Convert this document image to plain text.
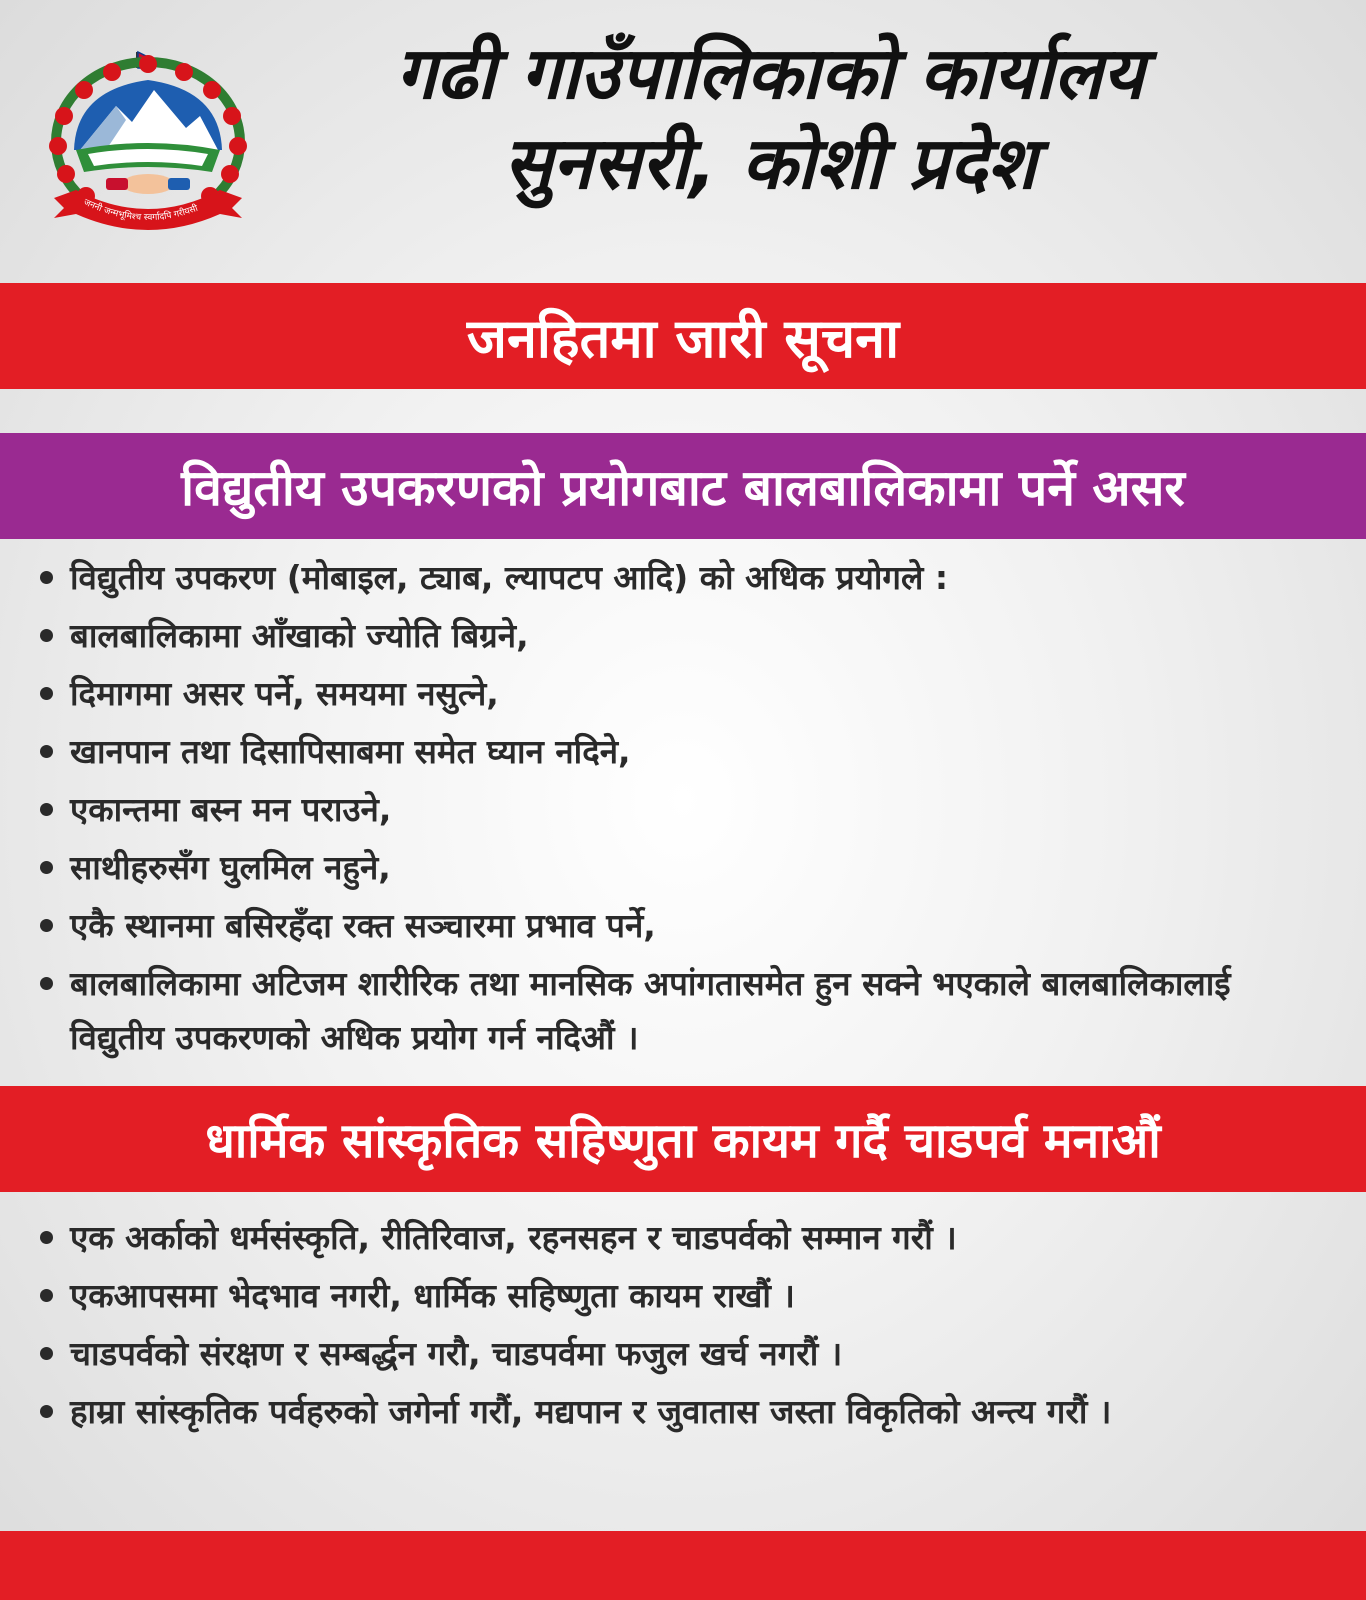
जननी जन्मभूमिश्च स्वर्गादपि गरीयसी
गढी गाउँपालिकाको कार्यालय
सुनसरी, कोशी प्रदेश
जनहितमा जारी सूचना
विद्युतीय उपकरणको प्रयोगबाट बालबालिकामा पर्ने असर
विद्युतीय उपकरण (मोबाइल, ट्याब, ल्यापटप आदि) को अधिक प्रयोगले :
बालबालिकामा आँखाको ज्योति बिग्रने,
दिमागमा असर पर्ने, समयमा नसुत्ने,
खानपान तथा दिसापिसाबमा समेत घ्यान नदिने,
एकान्तमा बस्न मन पराउने,
साथीहरुसँग घुलमिल नहुने,
एकै स्थानमा बसिरहँदा रक्त सञ्चारमा प्रभाव पर्ने,
बालबालिकामा अटिजम शारीरिक तथा मानसिक अपांगतासमेत हुन सक्ने भएकाले बालबालिकालाई विद्युतीय उपकरणको अधिक प्रयोग गर्न नदिऔं ।
धार्मिक सांस्कृतिक सहिष्णुता कायम गर्दै चाडपर्व मनाऔं
एक अर्काको धर्मसंस्कृति, रीतिरिवाज, रहनसहन र चाडपर्वको सम्मान गरौं ।
एकआपसमा भेदभाव नगरी, धार्मिक सहिष्णुता कायम राखौं ।
चाडपर्वको संरक्षण र सम्बर्द्धन गरौ, चाडपर्वमा फजुल खर्च नगरौं ।
हाम्रा सांस्कृतिक पर्वहरुको जगेर्ना गरौं, मद्यपान र जुवातास जस्ता विकृतिको अन्त्य गरौं ।
